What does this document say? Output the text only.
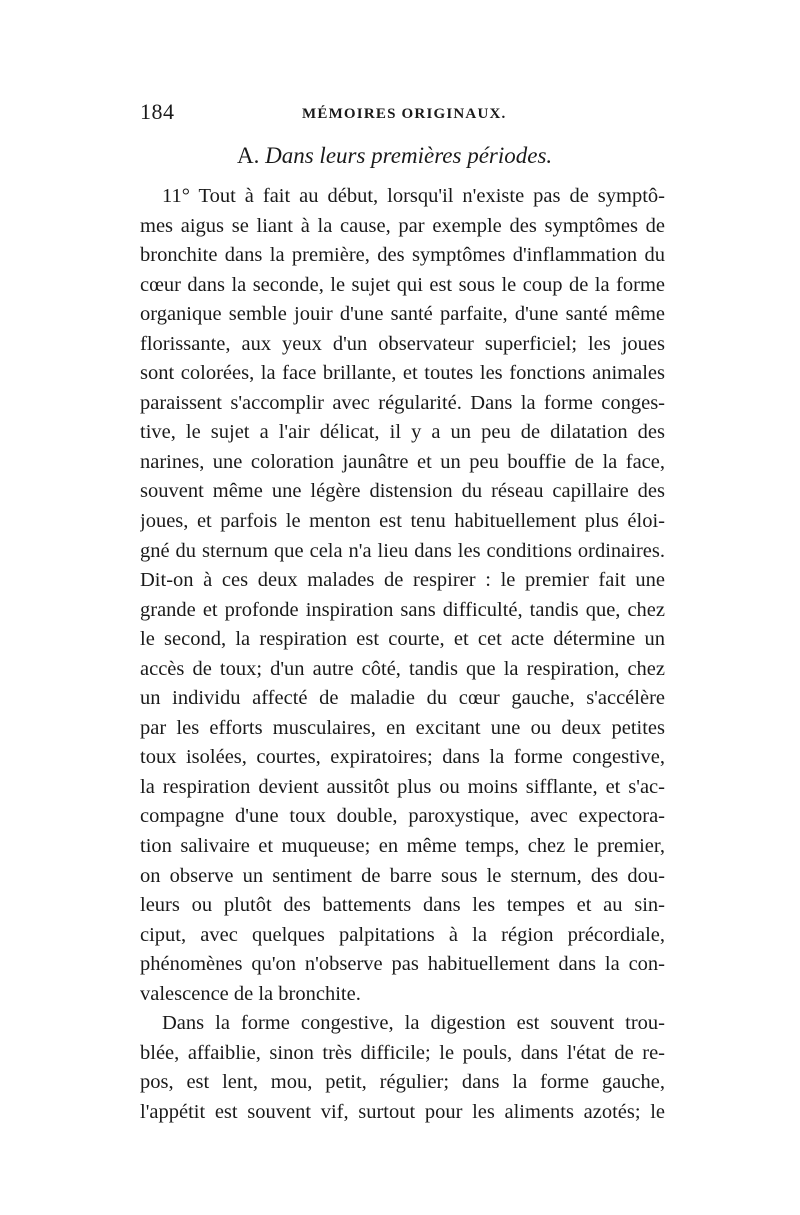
184	MÉMOIRES ORIGINAUX.
A. Dans leurs premières périodes.
11° Tout à fait au début, lorsqu'il n'existe pas de symptô-
mes aigus se liant à la cause, par exemple des symptômes de
bronchite dans la première, des symptômes d'inflammation du
cœur dans la seconde, le sujet qui est sous le coup de la forme
organique semble jouir d'une santé parfaite, d'une santé même
florissante, aux yeux d'un observateur superficiel; les joues
sont colorées, la face brillante, et toutes les fonctions animales
paraissent s'accomplir avec régularité. Dans la forme conges-
tive, le sujet a l'air délicat, il y a un peu de dilatation des
narines, une coloration jaunâtre et un peu bouffie de la face,
souvent même une légère distension du réseau capillaire des
joues, et parfois le menton est tenu habituellement plus éloi-
gné du sternum que cela n'a lieu dans les conditions ordinaires.
Dit-on à ces deux malades de respirer : le premier fait une
grande et profonde inspiration sans difficulté, tandis que, chez
le second, la respiration est courte, et cet acte détermine un
accès de toux; d'un autre côté, tandis que la respiration, chez
un individu affecté de maladie du cœur gauche, s'accélère
par les efforts musculaires, en excitant une ou deux petites
toux isolées, courtes, expiratoires; dans la forme congestive,
la respiration devient aussitôt plus ou moins sifflante, et s'ac-
compagne d'une toux double, paroxystique, avec expectora-
tion salivaire et muqueuse; en même temps, chez le premier,
on observe un sentiment de barre sous le sternum, des dou-
leurs ou plutôt des battements dans les tempes et au sin-
ciput, avec quelques palpitations à la région précordiale,
phénomènes qu'on n'observe pas habituellement dans la con-
valescence de la bronchite.
Dans la forme congestive, la digestion est souvent trou-
blée, affaiblie, sinon très difficile; le pouls, dans l'état de re-
pos, est lent, mou, petit, régulier; dans la forme gauche,
l'appétit est souvent vif, surtout pour les aliments azotés; le
